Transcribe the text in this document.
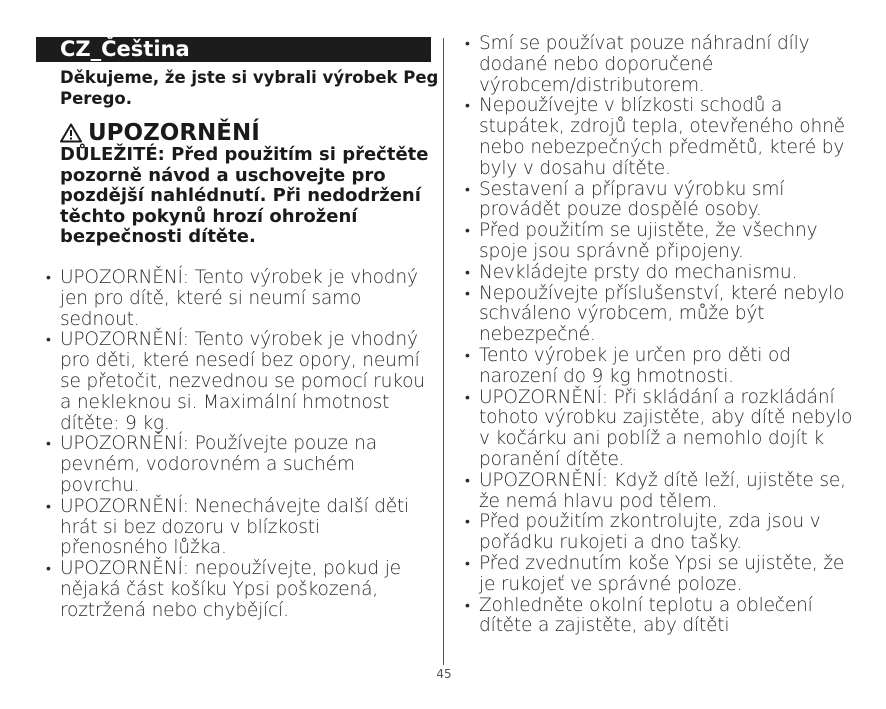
CZ_Čeština

Děkujeme, že jste si vybrali výrobek Peg Perego.

UPOZORNĚNÍ

DŮLEŽITÉ: Před použitím si přečtěte pozorně návod a uschovejte pro pozdější nahlédnutí. Při nedodržení těchto pokynů hrozí ohrožení bezpečnosti dítěte.

• UPOZORNĚNÍ: Tento výrobek je vhodný jen pro dítě, které si neumí samo sednout.
• UPOZORNĚNÍ: Tento výrobek je vhodný pro děti, které nesedí bez opory, neumí se přetočit, nezvednou se pomocí rukou a nekleknou si. Maximální hmotnost dítěte: 9 kg.
• UPOZORNĚNÍ: Používejte pouze na pevném, vodorovném a suchém povrchu.
• UPOZORNĚNÍ: Nenechávejte další děti hrát si bez dozoru v blízkosti přenosného lůžka.
• UPOZORNĚNÍ: nepoužívejte, pokud je nějaká část košíku Ypsi poškozená, roztržená nebo chybějící.
• Smí se používat pouze náhradní díly dodané nebo doporučené výrobcem/distributorem.
• Nepoužívejte v blízkosti schodů a stupátek, zdrojů tepla, otevřeného ohně nebo nebezpečných předmětů, které by byly v dosahu dítěte.
• Sestavení a přípravu výrobku smí provádět pouze dospělé osoby.
• Před použitím se ujistěte, že všechny spoje jsou správně připojeny.
• Nevkládejte prsty do mechanismu.
• Nepoužívejte příslušenství, které nebylo schváleno výrobcem, může být nebezpečné.
• Tento výrobek je určen pro děti od narození do 9 kg hmotnosti.
• UPOZORNĚNÍ: Při skládání a rozkládání tohoto výrobku zajistěte, aby dítě nebylo v kočárku ani poblíž a nemohlo dojít k poranění dítěte.
• UPOZORNĚNÍ: Když dítě leží, ujistěte se, že nemá hlavu pod tělem.
• Před použitím zkontrolujte, zda jsou v pořádku rukojeti a dno tašky.
• Před zvednutím koše Ypsi se ujistěte, že je rukojeť ve správné poloze.
• Zohledněte okolní teplotu a oblečení dítěte a zajistěte, aby dítěti
45
